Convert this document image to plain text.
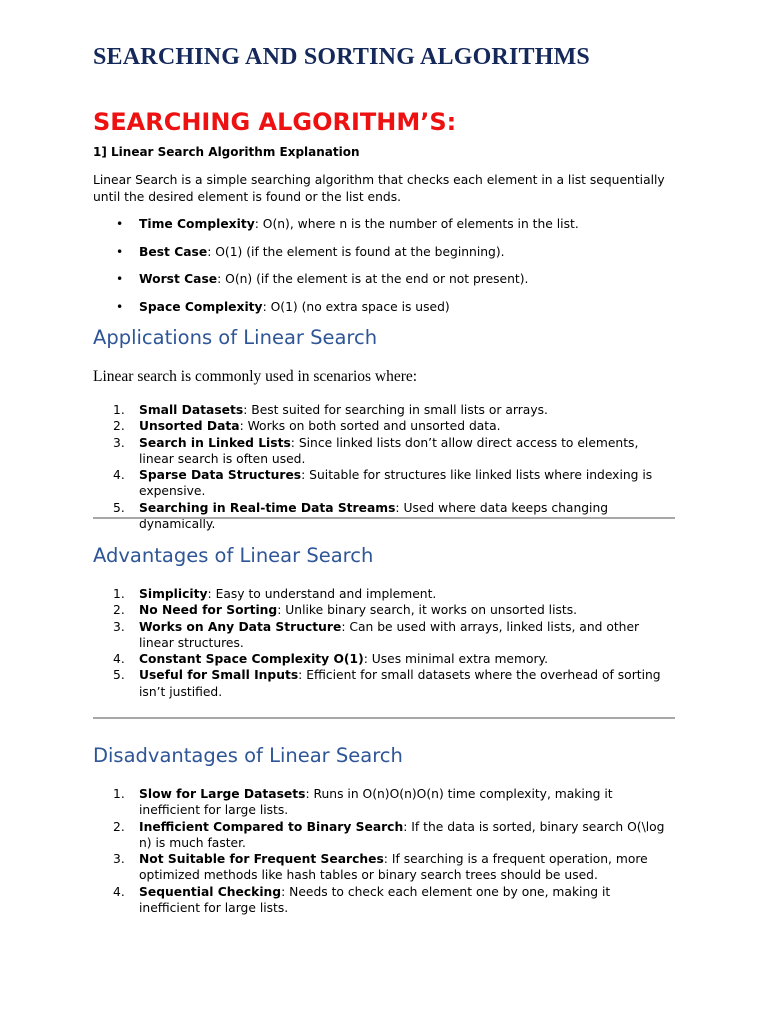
SEARCHING AND SORTING ALGORITHMS
SEARCHING ALGORITHM’S:
1] Linear Search Algorithm Explanation
Linear Search is a simple searching algorithm that checks each element in a list sequentially until the desired element is found or the list ends.
• Time Complexity: O(n), where n is the number of elements in the list.
• Best Case: O(1) (if the element is found at the beginning).
• Worst Case: O(n) (if the element is at the end or not present).
• Space Complexity: O(1) (no extra space is used)
Applications of Linear Search
Linear search is commonly used in scenarios where:
1. Small Datasets: Best suited for searching in small lists or arrays.
2. Unsorted Data: Works on both sorted and unsorted data.
3. Search in Linked Lists: Since linked lists don’t allow direct access to elements, linear search is often used.
4. Sparse Data Structures: Suitable for structures like linked lists where indexing is expensive.
5. Searching in Real-time Data Streams: Used where data keeps changing dynamically.
Advantages of Linear Search
1. Simplicity: Easy to understand and implement.
2. No Need for Sorting: Unlike binary search, it works on unsorted lists.
3. Works on Any Data Structure: Can be used with arrays, linked lists, and other linear structures.
4. Constant Space Complexity O(1): Uses minimal extra memory.
5. Useful for Small Inputs: Efficient for small datasets where the overhead of sorting isn’t justified.
Disadvantages of Linear Search
1. Slow for Large Datasets: Runs in O(n)O(n)O(n) time complexity, making it inefficient for large lists.
2. Inefficient Compared to Binary Search: If the data is sorted, binary search O(\log n) is much faster.
3. Not Suitable for Frequent Searches: If searching is a frequent operation, more optimized methods like hash tables or binary search trees should be used.
4. Sequential Checking: Needs to check each element one by one, making it inefficient for large lists.
